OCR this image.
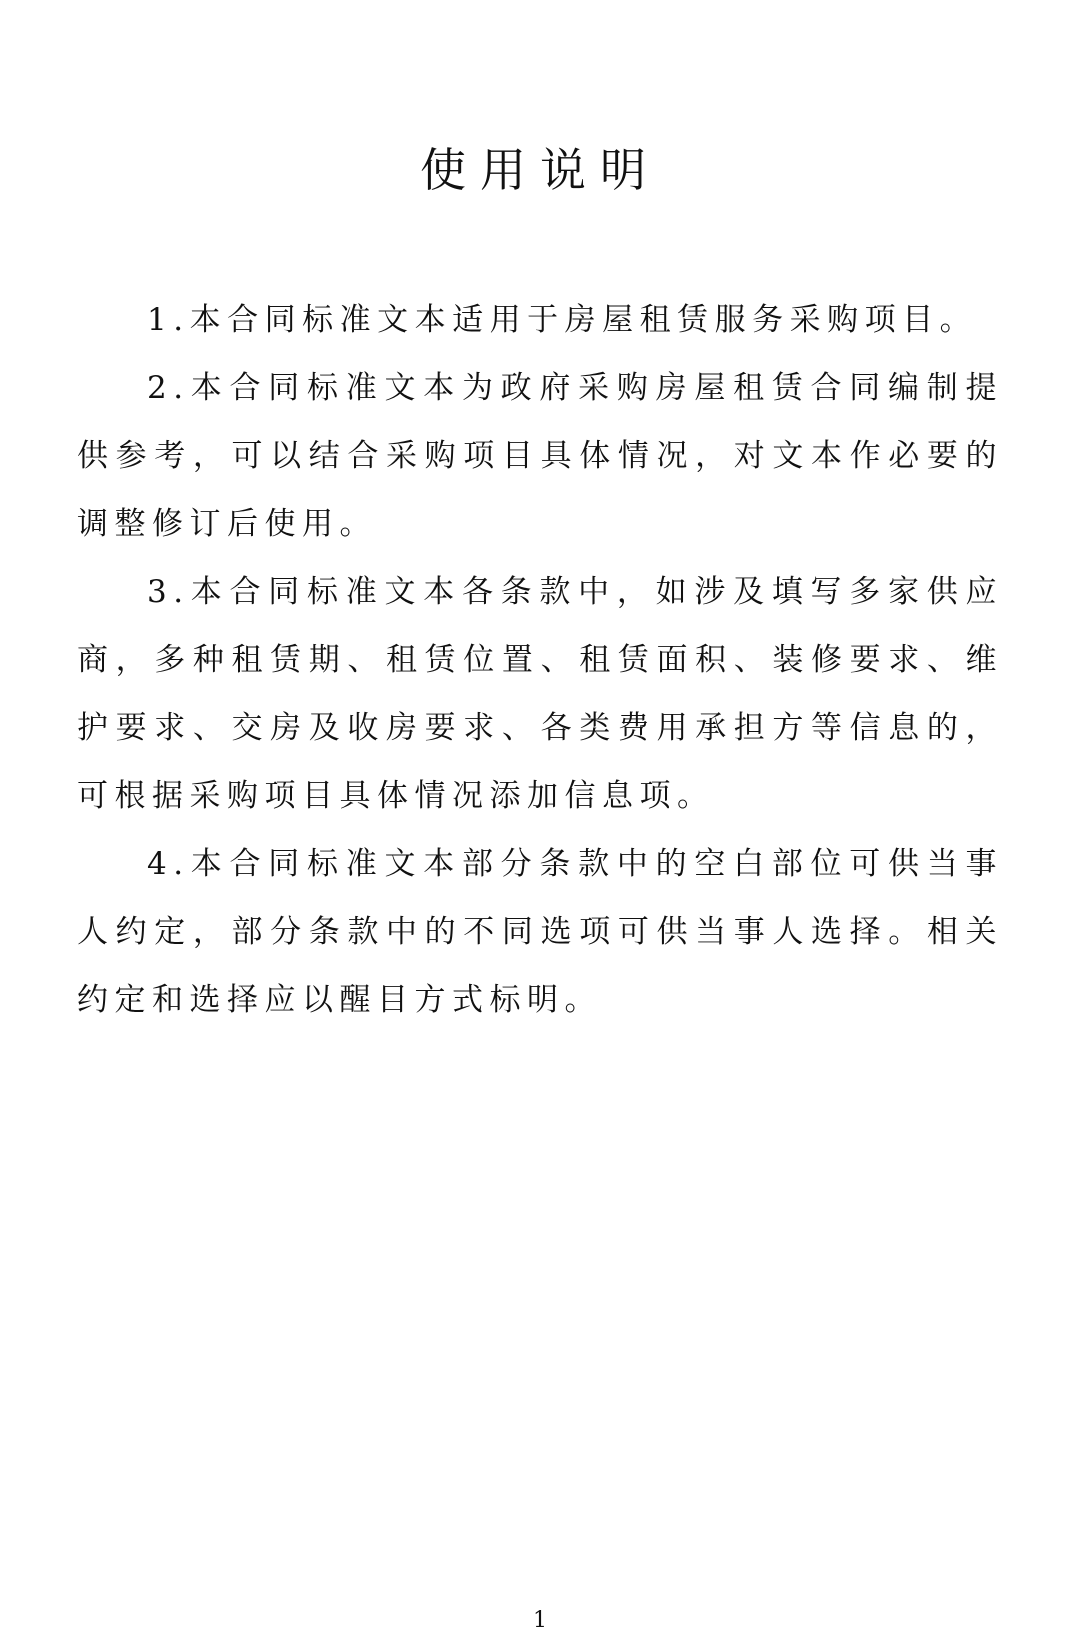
使用说明

1.本合同标准文本适用于房屋租赁服务采购项目。

2.本合同标准文本为政府采购房屋租赁合同编制提供参考，可以结合采购项目具体情况，对文本作必要的调整修订后使用。

3.本合同标准文本各条款中，如涉及填写多家供应商，多种租赁期、租赁位置、租赁面积、装修要求、维护要求、交房及收房要求、各类费用承担方等信息的，可根据采购项目具体情况添加信息项。

4.本合同标准文本部分条款中的空白部位可供当事人约定，部分条款中的不同选项可供当事人选择。相关约定和选择应以醒目方式标明。

1
